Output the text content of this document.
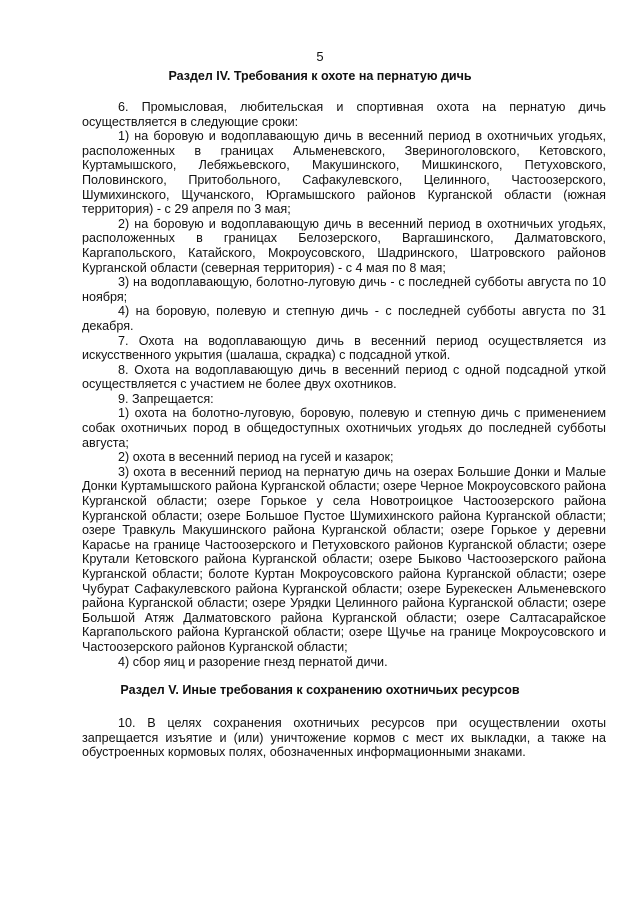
5
Раздел IV. Требования к охоте на пернатую дичь

6. Промысловая, любительская и спортивная охота на пернатую дичь осуществляется в следующие сроки:

1) на боровую и водоплавающую дичь в весенний период в охотничьих угодьях, расположенных в границах Альменевского, Звериноголовского, Кетовского, Куртамышского, Лебяжьевского, Макушинского, Мишкинского, Петуховского, Половинского, Притобольного, Сафакулевского, Целинного, Частоозерского, Шумихинского, Щучанского, Юргамышского районов Курганской области (южная территория) - с 29 апреля по 3 мая;

2) на боровую и водоплавающую дичь в весенний период в охотничьих угодьях, расположенных в границах Белозерского, Варгашинского, Далматовского, Каргапольского, Катайского, Мокроусовского, Шадринского, Шатровского районов Курганской области (северная территория) - с 4 мая по 8 мая;

3) на водоплавающую, болотно-луговую дичь - с последней субботы августа по 10 ноября;

4) на боровую, полевую и степную дичь - с последней субботы августа по 31 декабря.

7. Охота на водоплавающую дичь в весенний период осуществляется из искусственного укрытия (шалаша, скрадка) с подсадной уткой.

8. Охота на водоплавающую дичь в весенний период с одной подсадной уткой осуществляется с участием не более двух охотников.

9. Запрещается:

1) охота на болотно-луговую, боровую, полевую и степную дичь с применением собак охотничьих пород в общедоступных охотничьих угодьях до последней субботы августа;

2) охота в весенний период на гусей и казарок;

3) охота в весенний период на пернатую дичь на озерах Большие Донки и Малые Донки Куртамышского района Курганской области; озере Черное Мокроусовского района Курганской области; озере Горькое у села Новотроицкое Частоозерского района Курганской области; озере Большое Пустое Шумихинского района Курганской области; озере Травкуль Макушинского района Курганской области; озере Горькое у деревни Карасье на границе Частоозерского и Петуховского районов Курганской области; озере Крутали Кетовского района Курганской области; озере Быково Частоозерского района Курганской области; болоте Куртан Мокроусовского района Курганской области; озере Чубурат Сафакулевского района Курганской области; озере Бурекескен Альменевского района Курганской области; озере Урядки Целинного района Курганской области; озере Большой Атяж Далматовского района Курганской области; озере Салтасарайское Каргапольского района Курганской области; озере Щучье на границе Мокроусовского и Частоозерского районов Курганской области;

4) сбор яиц и разорение гнезд пернатой дичи.

Раздел V. Иные требования к сохранению охотничьих ресурсов

10. В целях сохранения охотничьих ресурсов при осуществлении охоты запрещается изъятие и (или) уничтожение кормов с мест их выкладки, а также на обустроенных кормовых полях, обозначенных информационными знаками.
